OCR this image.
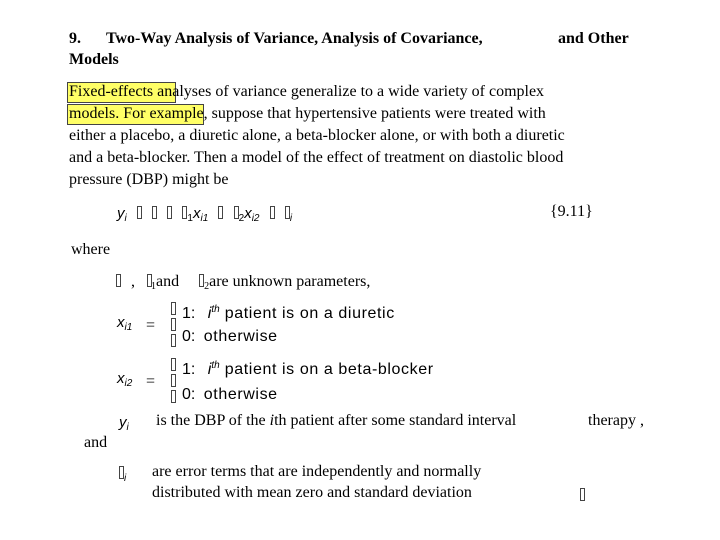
9. Two-Way Analysis of Variance, Analysis of Covariance,	and Other
Models
Fixed-effects analyses of variance generalize to a wide variety of complex
models. For example, suppose that hypertensive patients were treated with
either a placebo, a diuretic alone, a beta-blocker alone, or with both a diuretic
and a beta-blocker. Then a model of the effect of treatment on diastolic blood
pressure (DBP) might be
$y_i$	$_1x_{i1}$	$_2x_{i2}$	$_i$	{9.11}
where
, $_1$and	$_2$are unknown parameters,
$x_{i1}$ =
1: $i^{th}$ patient is on a diuretic
0: otherwise
$x_{i2}$ =
1: $i^{th}$ patient is on a beta-blocker
0: otherwise
$y_i$ is the DBP of the ith patient after some standard interval	therapy ,
and
$_i$ are error terms that are independently and normally
distributed with mean zero and standard deviation
